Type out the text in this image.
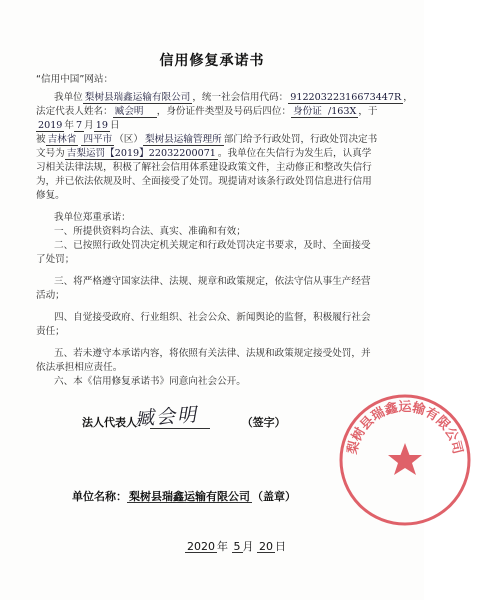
信用修复承诺书
“信用中国”网站：
我单位 梨树县瑞鑫运输有限公司 ，统一社会信用代码： 91220322316673447R ，
法定代表人姓名： 臧会明 ，身份证件类型及号码后四位： 身份证 /163X ，于
2019 年 7 月 19 日
被 吉林省 四平市 （区） 梨树县运输管理所 部门给予行政处罚，行政处罚决定书
文号为 吉梨运罚【2019】22032200071 。我单位在失信行为发生后，认真学
习相关法律法规，积极了解社会信用体系建设政策文件，主动修正和整改失信行
为，并已依法依规及时、全面接受了处罚。现提请对该条行政处罚信息进行信用
修复。
我单位郑重承诺：
一、所提供资料均合法、真实、准确和有效；
二、已按照行政处罚决定机关规定和行政处罚决定书要求，及时、全面接受
了处罚；
三、将严格遵守国家法律、法规、规章和政策规定，依法守信从事生产经营
活动；
四、自觉接受政府、行业组织、社会公众、新闻舆论的监督，积极履行社会
责任；
五、若未遵守本承诺内容，将依照有关法律、法规和政策规定接受处罚，并
依法承担相应责任。
六、本《信用修复承诺书》同意向社会公开。
法人代表人：	（签字）
臧会明
单位名称： 梨树县瑞鑫运输有限公司 （盖章）
2020 年 5 月 20 日
梨树县瑞鑫运输有限公司
